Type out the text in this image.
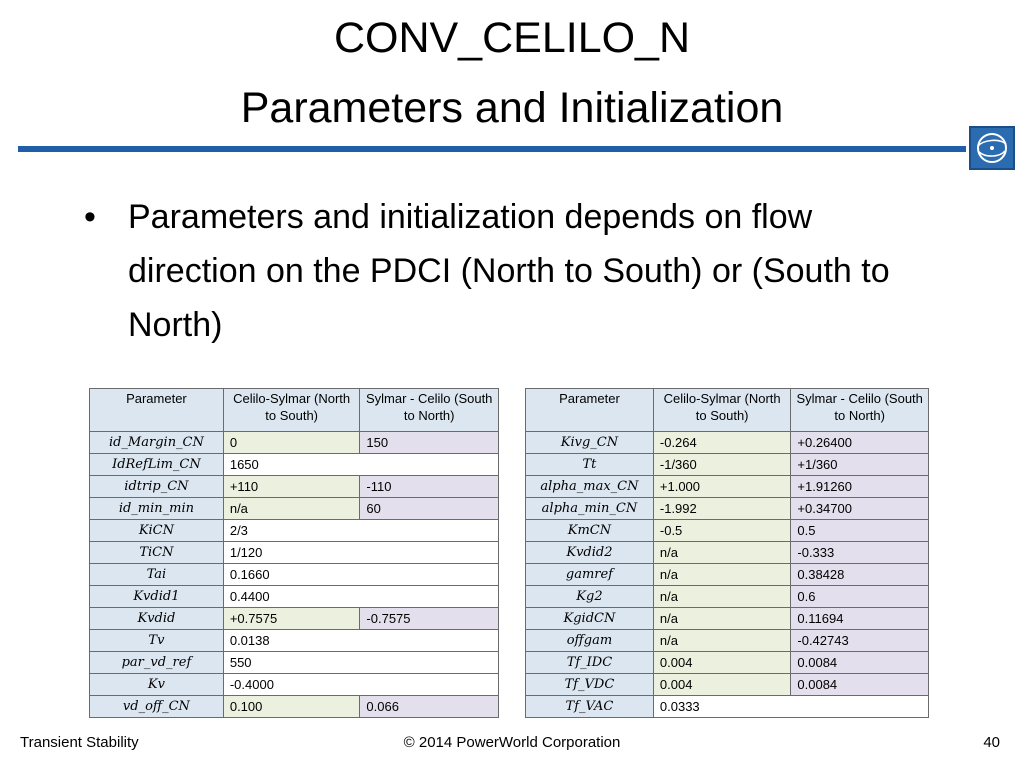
CONV_CELILO_N
Parameters and Initialization
• Parameters and initialization depends on flow direction on the PDCI (North to South) or (South to North)
Parameter	Celilo-Sylmar (North to South)	Sylmar - Celilo (South to North)
id_Margin_CN	0	150
IdRefLim_CN	1650	
idtrip_CN	+110	-110
id_min_min	n/a	60
KiCN	2/3	
TiCN	1/120	
Tai	0.1660	
Kvdid1	0.4400	
Kvdid	+0.7575	-0.7575
Tv	0.0138	
par_vd_ref	550	
Kv	-0.4000	
vd_off_CN	0.100	0.066
Parameter	Celilo-Sylmar (North to South)	Sylmar - Celilo (South to North)
Kivg_CN	-0.264	+0.26400
Tt	-1/360	+1/360
alpha_max_CN	+1.000	+1.91260
alpha_min_CN	-1.992	+0.34700
KmCN	-0.5	0.5
Kvdid2	n/a	-0.333
gamref	n/a	0.38428
Kg2	n/a	0.6
KgidCN	n/a	0.11694
offgam	n/a	-0.42743
Tf_IDC	0.004	0.0084
Tf_VDC	0.004	0.0084
Tf_VAC	0.0333	
Transient Stability	© 2014 PowerWorld Corporation	40
